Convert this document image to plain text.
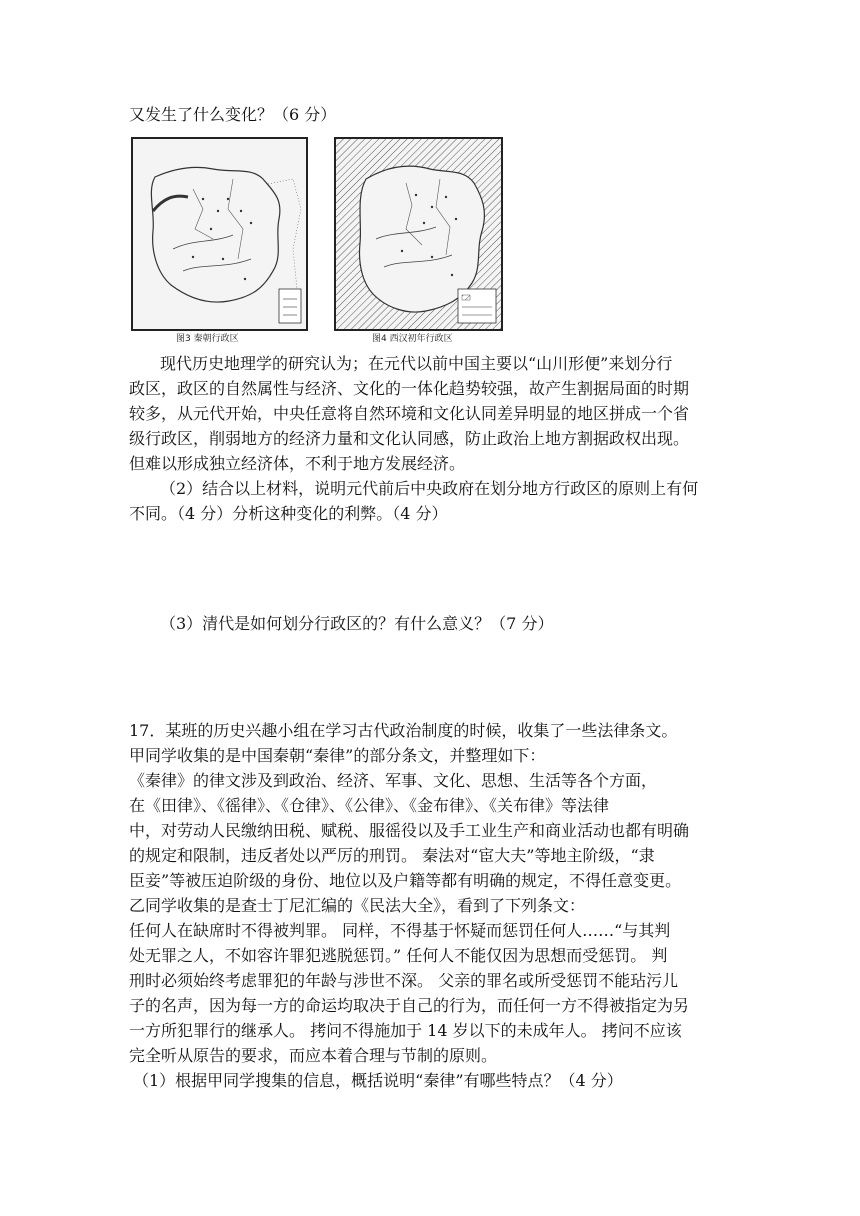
又发生了什么变化？（6 分）
图3 秦朝行政区	图4 西汉初年行政区
现代历史地理学的研究认为；在元代以前中国主要以“山川形便”来划分行
政区，政区的自然属性与经济、文化的一体化趋势较强，故产生割据局面的时期
较多，从元代开始，中央任意将自然环境和文化认同差异明显的地区拼成一个省
级行政区，削弱地方的经济力量和文化认同感，防止政治上地方割据政权出现。
但难以形成独立经济体，不利于地方发展经济。
（2）结合以上材料，说明元代前后中央政府在划分地方行政区的原则上有何
不同。（4 分）分析这种变化的利弊。（4 分）
（3）清代是如何划分行政区的？有什么意义？（7 分）
17．某班的历史兴趣小组在学习古代政治制度的时候，收集了一些法律条文。
甲同学收集的是中国秦朝“秦律”的部分条文，并整理如下：
《秦律》的律文涉及到政治、经济、军事、文化、思想、生活等各个方面，
在《田律》、《徭律》、《仓律》、《公律》、《金布律》、《关布律》等法律
中，对劳动人民缴纳田税、赋税、服徭役以及手工业生产和商业活动也都有明确
的规定和限制，违反者处以严厉的刑罚。 秦法对“宦大夫”等地主阶级，“隶
臣妾”等被压迫阶级的身份、地位以及户籍等都有明确的规定，不得任意变更。
乙同学收集的是查士丁尼汇编的《民法大全》，看到了下列条文：
任何人在缺席时不得被判罪。 同样，不得基于怀疑而惩罚任何人……“与其判
处无罪之人，不如容许罪犯逃脱惩罚。” 任何人不能仅因为思想而受惩罚。 判
刑时必须始终考虑罪犯的年龄与涉世不深。 父亲的罪名或所受惩罚不能玷污儿
子的名声，因为每一方的命运均取决于自己的行为，而任何一方不得被指定为另
一方所犯罪行的继承人。 拷问不得施加于 14 岁以下的未成年人。 拷问不应该
完全听从原告的要求，而应本着合理与节制的原则。
（1）根据甲同学搜集的信息，概括说明“秦律”有哪些特点？（4 分）
